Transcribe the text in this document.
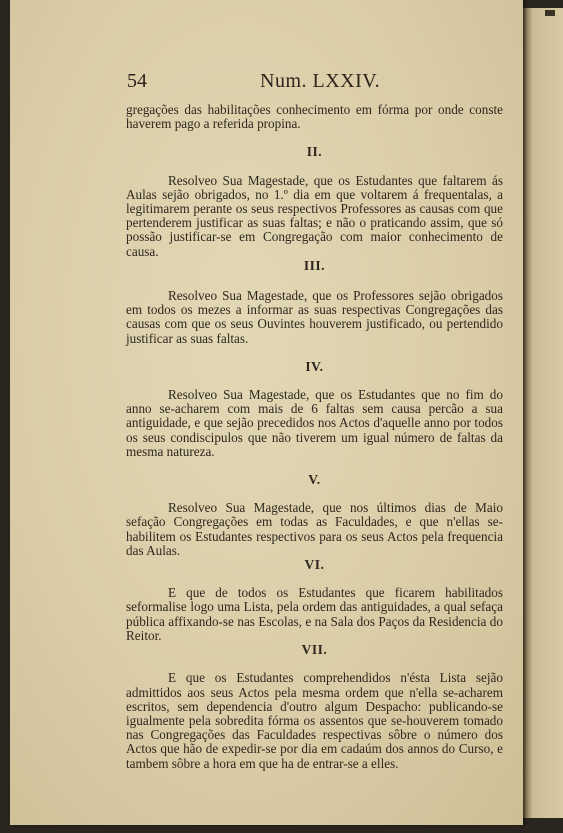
54	Num. LXXIV.

gregações das habilitações conhecimento em fórma por onde conste haverem pago a referida propina.

II.

Resolveo Sua Magestade, que os Estudantes que faltarem ás Aulas sejão obrigados, no 1.º dia em que voltarem á frequentalas, a legitimarem perante os seus respectivos Professores as causas com que pertenderem justificar as suas faltas; e não o praticando assim, que só possão justificar-se em Congregação com maior conhecimento de causa.

III.

Resolveo Sua Magestade, que os Professores sejão obrigados em todos os mezes a informar as suas respectivas Congregações das causas com que os seus Ouvintes houverem justificado, ou pertendido justificar as suas faltas.

IV.

Resolveo Sua Magestade, que os Estudantes que no fim do anno se-acharem com mais de 6 faltas sem causa percão a sua antiguidade, e que sejão precedidos nos Actos d'aquelle anno por todos os seus condiscipulos que não tiverem um igual número de faltas da mesma natureza.

V.

Resolveo Sua Magestade, que nos últimos dias de Maio sefação Congregações em todas as Faculdades, e que n'ellas se-habilitem os Estudantes respectivos para os seus Actos pela frequencia das Aulas.

VI.

E que de todos os Estudantes que ficarem habilitados seformalise logo uma Lista, pela ordem das antiguidades, a qual sefaça pública affixando-se nas Escolas, e na Sala dos Paços da Residencia do Reitor.

VII.

E que os Estudantes comprehendidos n'ésta Lista sejão admittidos aos seus Actos pela mesma ordem que n'ella se-acharem escritos, sem dependencia d'outro algum Despacho: publicando-se igualmente pela sobredita fórma os assentos que se-houverem tomado nas Congregações das Faculdades respectivas sôbre o número dos Actos que hão de expedir-se por dia em cadaúm dos annos do Curso, e tambem sôbre a hora em que ha de entrar-se a elles.
